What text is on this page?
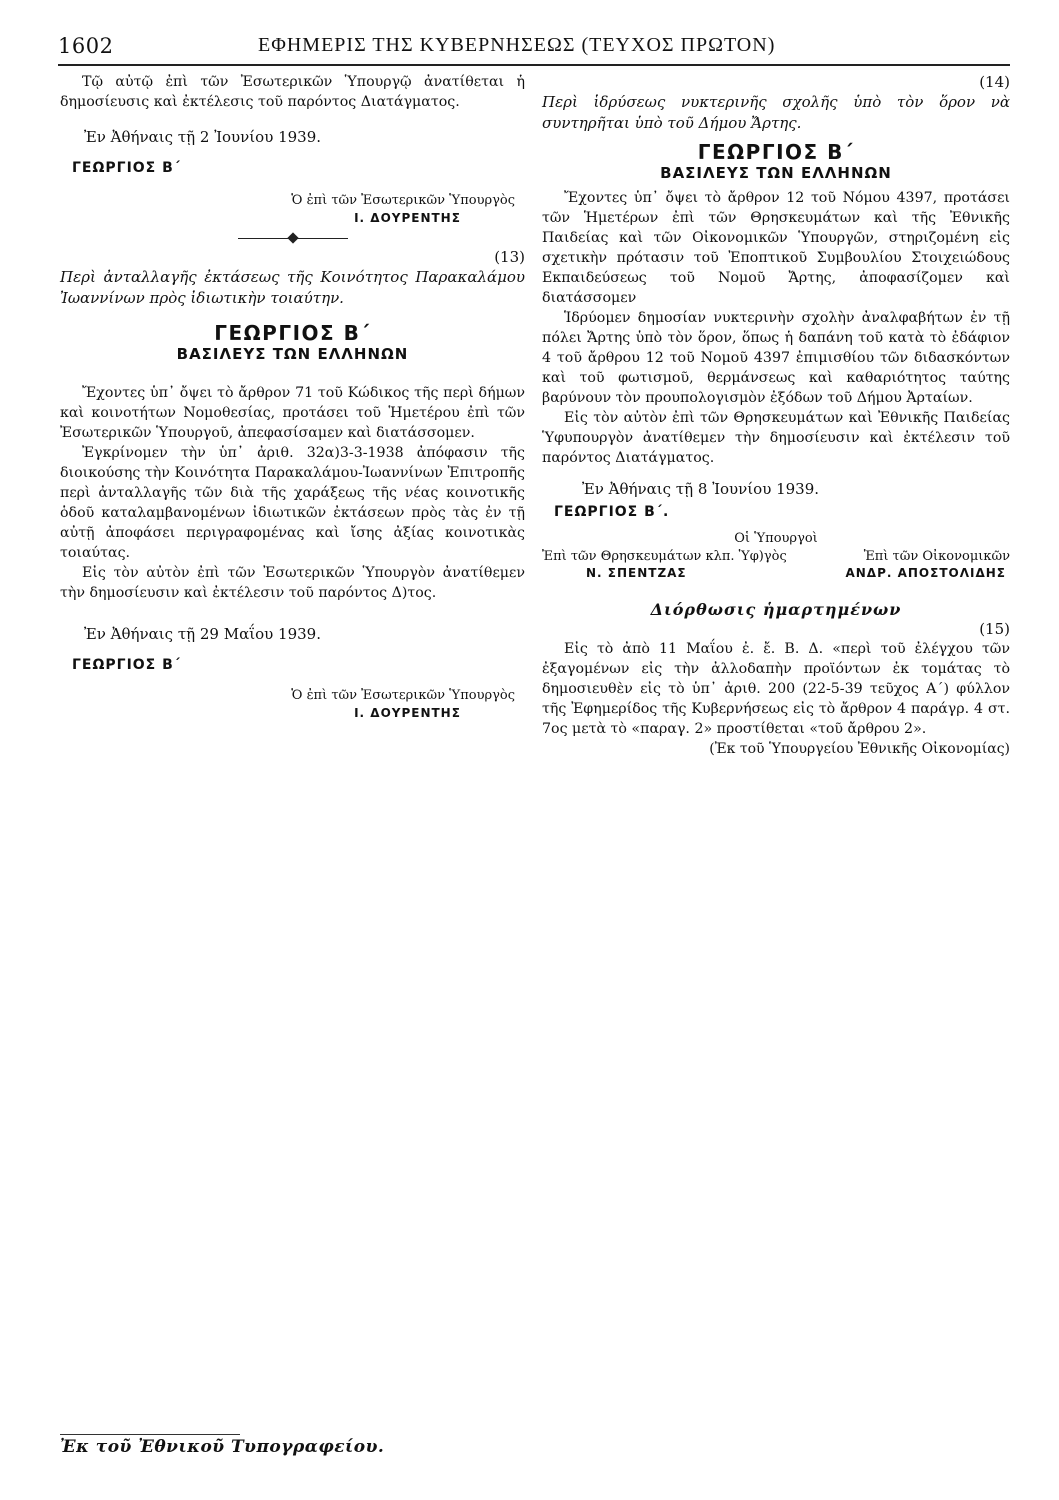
1602	ΕΦΗΜΕΡΙΣ ΤΗΣ ΚΥΒΕΡΝΗΣΕΩΣ (ΤΕΥΧΟΣ ΠΡΩΤΟΝ)

Τῷ αὐτῷ ἐπὶ τῶν Ἐσωτερικῶν Ὑπουργῷ ἀνατίθεται ἡ δημοσίευσις καὶ ἐκτέλεσις τοῦ παρόντος Διατάγματος.

Ἐν Ἀθήναις τῇ 2 Ἰουνίου 1939.
ΓΕΩΡΓΙΟΣ Β΄
Ὁ ἐπὶ τῶν Ἐσωτερικῶν Ὑπουργὸς
Ι. ΔΟΥΡΕΝΤΗΣ
(13)
Περὶ ἀνταλλαγῆς ἐκτάσεως τῆς Κοινότητος Παρακαλάμου Ἰωαννίνων πρὸς ἰδιωτικὴν τοιαύτην.
ΓΕΩΡΓΙΟΣ Β΄
ΒΑΣΙΛΕΥΣ ΤΩΝ ΕΛΛΗΝΩΝ

Ἔχοντες ὑπ᾽ ὄψει τὸ ἄρθρον 71 τοῦ Κώδικος τῆς περὶ δήμων καὶ κοινοτήτων Νομοθεσίας, προτάσει τοῦ Ἡμετέρου ἐπὶ τῶν Ἐσωτερικῶν Ὑπουργοῦ, ἀπεφασίσαμεν καὶ διατάσσομεν.

Ἐγκρίνομεν τὴν ὑπ᾽ ἀριθ. 32α)3-3-1938 ἀπόφασιν τῆς διοικούσης τὴν Κοινότητα Παρακαλάμου-Ἰωαννίνων Ἐπιτροπῆς περὶ ἀνταλλαγῆς τῶν διὰ τῆς χαράξεως τῆς νέας κοινοτικῆς ὁδοῦ καταλαμβανομένων ἰδιωτικῶν ἐκτάσεων πρὸς τὰς ἐν τῇ αὐτῇ ἀποφάσει περιγραφομένας καὶ ἴσης ἀξίας κοινοτικὰς τοιαύτας.

Εἰς τὸν αὐτὸν ἐπὶ τῶν Ἐσωτερικῶν Ὑπουργὸν ἀνατίθεμεν τὴν δημοσίευσιν καὶ ἐκτέλεσιν τοῦ παρόντος Δ)τος.

Ἐν Ἀθήναις τῇ 29 Μαΐου 1939.
ΓΕΩΡΓΙΟΣ Β΄
Ὁ ἐπὶ τῶν Ἐσωτερικῶν Ὑπουργὸς
Ι. ΔΟΥΡΕΝΤΗΣ
(14)
Περὶ ἱδρύσεως νυκτερινῆς σχολῆς ὑπὸ τὸν ὅρον νὰ συντηρῆται ὑπὸ τοῦ Δήμου Ἄρτης.
ΓΕΩΡΓΙΟΣ Β΄
ΒΑΣΙΛΕΥΣ ΤΩΝ ΕΛΛΗΝΩΝ

Ἔχοντες ὑπ᾽ ὄψει τὸ ἄρθρον 12 τοῦ Νόμου 4397, προτάσει τῶν Ἡμετέρων ἐπὶ τῶν Θρησκευμάτων καὶ τῆς Ἐθνικῆς Παιδείας καὶ τῶν Οἰκονομικῶν Ὑπουργῶν, στηριζομένη εἰς σχετικὴν πρότασιν τοῦ Ἐποπτικοῦ Συμβουλίου Στοιχειώδους Εκπαιδεύσεως τοῦ Νομοῦ Ἄρτης, ἀποφασίζομεν καὶ διατάσσομεν

Ἱδρύομεν δημοσίαν νυκτερινὴν σχολὴν ἀναλφαβήτων ἐν τῇ πόλει Ἄρτης ὑπὸ τὸν ὅρον, ὅπως ἡ δαπάνη τοῦ κατὰ τὸ ἐδάφιον 4 τοῦ ἄρθρου 12 τοῦ Νομοῦ 4397 ἐπιμισθίου τῶν διδασκόντων καὶ τοῦ φωτισμοῦ, θερμάνσεως καὶ καθαριότητος ταύτης βαρύνουν τὸν προυπολογισμὸν ἐξόδων τοῦ Δήμου Ἀρταίων.

Εἰς τὸν αὐτὸν ἐπὶ τῶν Θρησκευμάτων καὶ Ἐθνικῆς Παιδείας Ὑφυπουργὸν ἀνατίθεμεν τὴν δημοσίευσιν καὶ ἐκτέλεσιν τοῦ παρόντος Διατάγματος.

Ἐν Ἀθήναις τῇ 8 Ἰουνίου 1939.
ΓΕΩΡΓΙΟΣ Β΄.
Οἱ Ὑπουργοὶ
Ἐπὶ τῶν Θρησκευμάτων κλπ. Ὑφ)γὸς	Ἐπὶ τῶν Οἰκονομικῶν
Ν. ΣΠΕΝΤΖΑΣ	ΑΝΔΡ. ΑΠΟΣΤΟΛΙΔΗΣ
Διόρθωσις ἡμαρτημένων
(15)

Εἰς τὸ ἀπὸ 11 Μαΐου ἐ. ἔ. Β. Δ. «περὶ τοῦ ἐλέγχου τῶν ἐξαγομένων εἰς τὴν ἀλλοδαπὴν προϊόντων ἐκ τομάτας τὸ δημοσιευθὲν εἰς τὸ ὑπ᾽ ἀριθ. 200 (22-5-39 τεῦχος Α΄) φύλλον τῆς Ἐφημερίδος τῆς Κυβερνήσεως εἰς τὸ ἄρθρον 4 παράγρ. 4 στ. 7ος μετὰ τὸ «παραγ. 2» προστίθεται «τοῦ ἄρθρου 2».

(Ἐκ τοῦ Ὑπουργείου Ἐθνικῆς Οἰκονομίας)
Ἐκ τοῦ Ἐθνικοῦ Τυπογραφείου.
